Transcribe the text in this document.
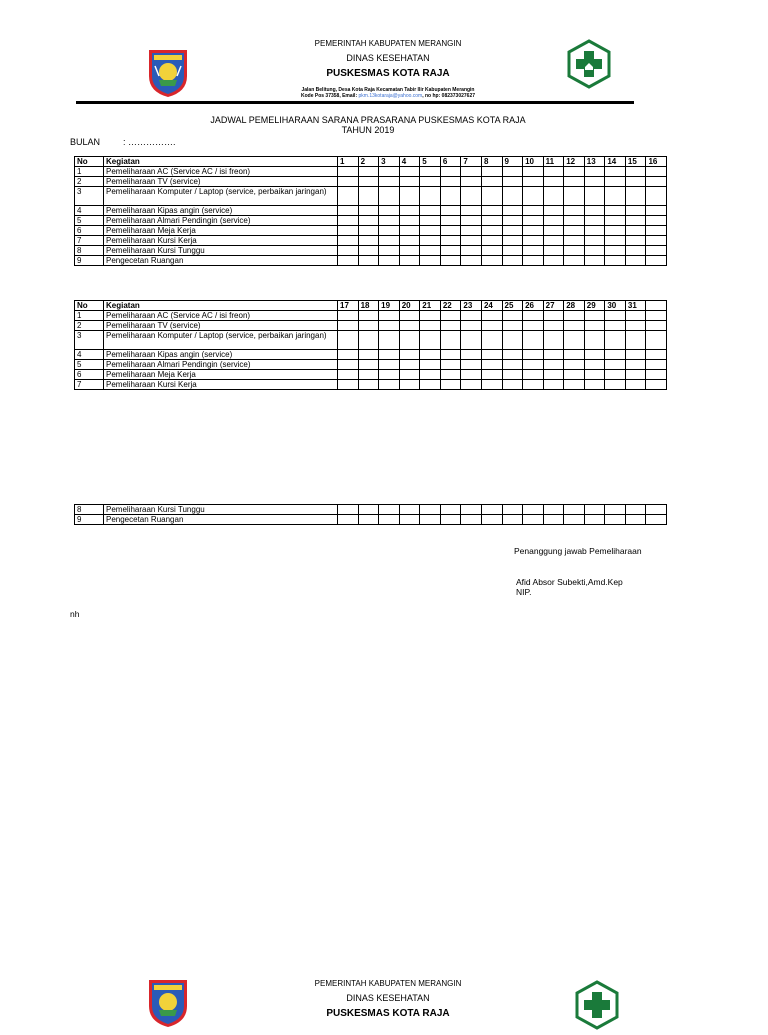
PEMERINTAH KABUPATEN MERANGIN
DINAS KESEHATAN
PUSKESMAS KOTA RAJA
Jalan Belitung, Desa Kota Raja Kecamatan Tabir Ilir Kabupaten Merangin
Kode Pos 37358, Email: pkm.13kotaraja@yahoo.com, no hp: 082373027627
JADWAL PEMELIHARAAN SARANA PRASARANA PUSKESMAS KOTA RAJA
TAHUN 2019
BULAN	: …………….
No	Kegiatan	1	2	3	4	5	6	7	8	9	10	11	12	13	14	15	16
1	Pemeliharaan AC (Service AC / isi freon)																
2	Pemeliharaan TV (service)																
3	Pemeliharaan Komputer / Laptop (service, perbaikan jaringan)																
4	Pemeliharaan Kipas angin (service)																
5	Pemeliharaan Almari Pendingin (service)																
6	Pemeliharaan Meja Kerja																
7	Pemeliharaan Kursi Kerja																
8	Pemeliharaan Kursi Tunggu																
9	Pengecetan Ruangan																
No	Kegiatan	17	18	19	20	21	22	23	24	25	26	27	28	29	30	31	
1	Pemeliharaan AC (Service AC / isi freon)																
2	Pemeliharaan TV (service)																
3	Pemeliharaan Komputer / Laptop (service, perbaikan jaringan)																
4	Pemeliharaan Kipas angin (service)																
5	Pemeliharaan Almari Pendingin (service)																
6	Pemeliharaan Meja Kerja																
7	Pemeliharaan Kursi Kerja																
8	Pemeliharaan Kursi Tunggu																
9	Pengecetan Ruangan																
Penanggung jawab Pemeliharaan
Afid Absor Subekti,Amd.Kep
NIP.
nh
PEMERINTAH KABUPATEN MERANGIN
DINAS KESEHATAN
PUSKESMAS KOTA RAJA
